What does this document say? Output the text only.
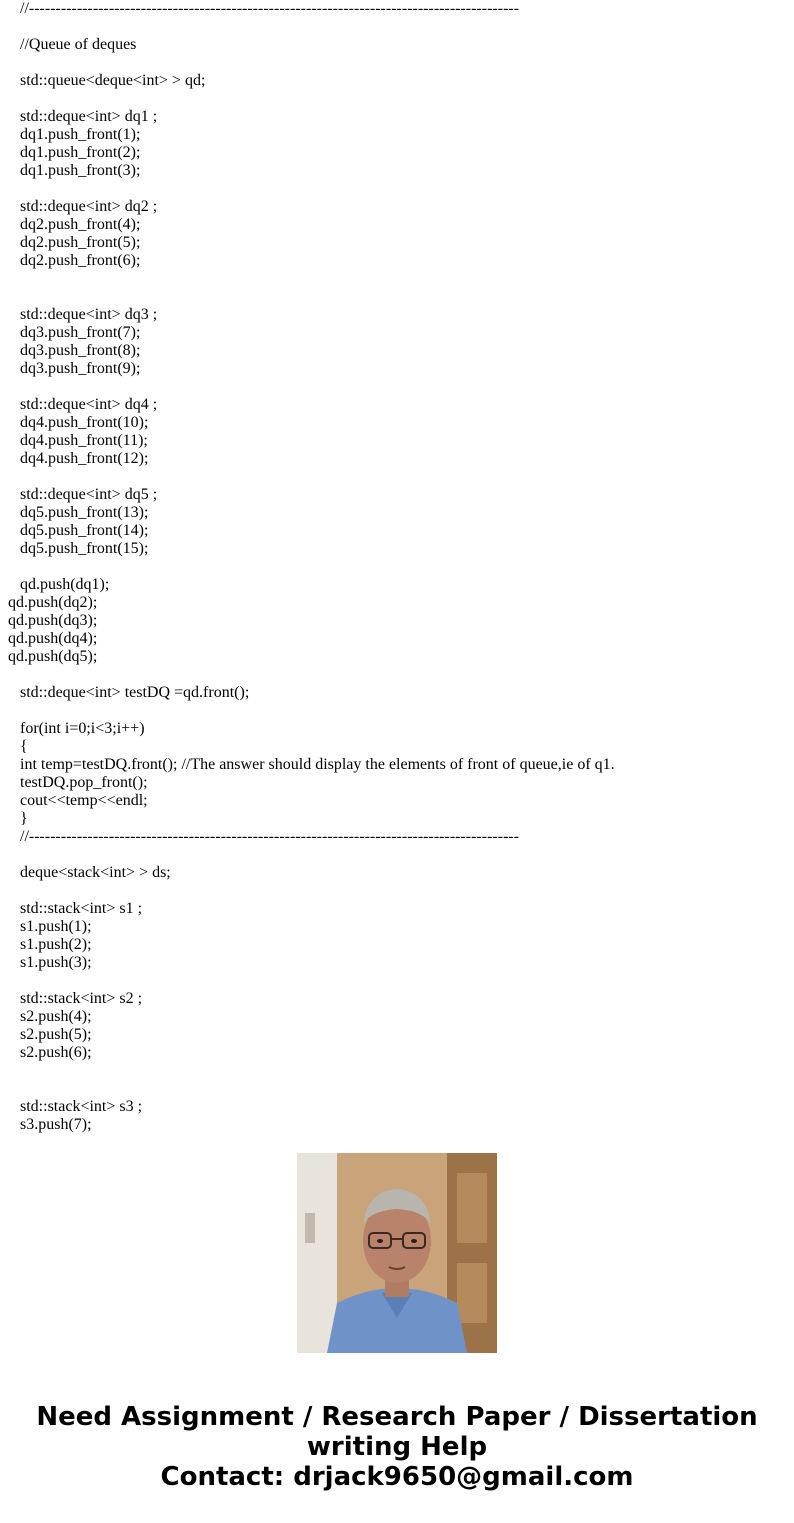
//--------------------------------------------------------------------------------------------
//Queue of deques
std::queue<deque<int> > qd;
std::deque<int> dq1 ;
dq1.push_front(1);
dq1.push_front(2);
dq1.push_front(3);
std::deque<int> dq2 ;
dq2.push_front(4);
dq2.push_front(5);
dq2.push_front(6);
std::deque<int> dq3 ;
dq3.push_front(7);
dq3.push_front(8);
dq3.push_front(9);
std::deque<int> dq4 ;
dq4.push_front(10);
dq4.push_front(11);
dq4.push_front(12);
std::deque<int> dq5 ;
dq5.push_front(13);
dq5.push_front(14);
dq5.push_front(15);
qd.push(dq1);
qd.push(dq2);
qd.push(dq3);
qd.push(dq4);
qd.push(dq5);
std::deque<int> testDQ =qd.front();
for(int i=0;i<3;i++)
{
int temp=testDQ.front(); //The answer should display the elements of front of queue,ie of q1.
testDQ.pop_front();
cout<<temp<<endl;
}
//--------------------------------------------------------------------------------------------
deque<stack<int> > ds;
std::stack<int> s1 ;
s1.push(1);
s1.push(2);
s1.push(3);
std::stack<int> s2 ;
s2.push(4);
s2.push(5);
s2.push(6);
std::stack<int> s3 ;
s3.push(7);
Need Assignment / Research Paper / Dissertation
writing Help
Contact: drjack9650@gmail.com
